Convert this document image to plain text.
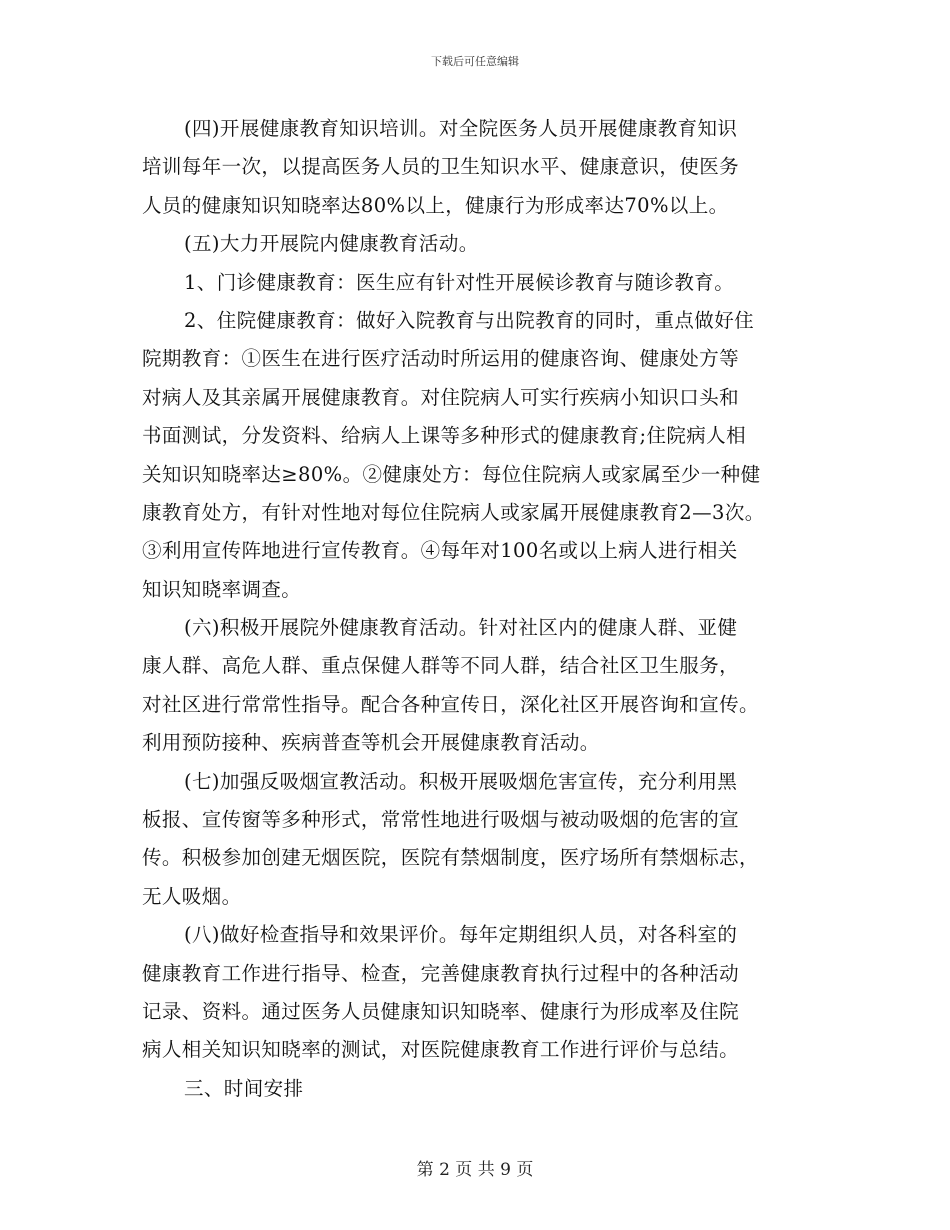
下载后可任意编辑
(四)开展健康教育知识培训。对全院医务人员开展健康教育知识
培训每年一次，以提高医务人员的卫生知识水平、健康意识，使医务
人员的健康知识知晓率达80%以上，健康行为形成率达70%以上。
(五)大力开展院内健康教育活动。
1、门诊健康教育：医生应有针对性开展候诊教育与随诊教育。
2、住院健康教育：做好入院教育与出院教育的同时，重点做好住
院期教育：①医生在进行医疗活动时所运用的健康咨询、健康处方等
对病人及其亲属开展健康教育。对住院病人可实行疾病小知识口头和
书面测试，分发资料、给病人上课等多种形式的健康教育;住院病人相
关知识知晓率达≥80%。②健康处方：每位住院病人或家属至少一种健
康教育处方，有针对性地对每位住院病人或家属开展健康教育2—3次。
③利用宣传阵地进行宣传教育。④每年对100名或以上病人进行相关
知识知晓率调查。
(六)积极开展院外健康教育活动。针对社区内的健康人群、亚健
康人群、高危人群、重点保健人群等不同人群，结合社区卫生服务，
对社区进行常常性指导。配合各种宣传日，深化社区开展咨询和宣传。
利用预防接种、疾病普查等机会开展健康教育活动。
(七)加强反吸烟宣教活动。积极开展吸烟危害宣传，充分利用黑
板报、宣传窗等多种形式，常常性地进行吸烟与被动吸烟的危害的宣
传。积极参加创建无烟医院，医院有禁烟制度，医疗场所有禁烟标志，
无人吸烟。
(八)做好检查指导和效果评价。每年定期组织人员，对各科室的
健康教育工作进行指导、检查，完善健康教育执行过程中的各种活动
记录、资料。通过医务人员健康知识知晓率、健康行为形成率及住院
病人相关知识知晓率的测试，对医院健康教育工作进行评价与总结。
三、时间安排
第 2 页 共 9 页
